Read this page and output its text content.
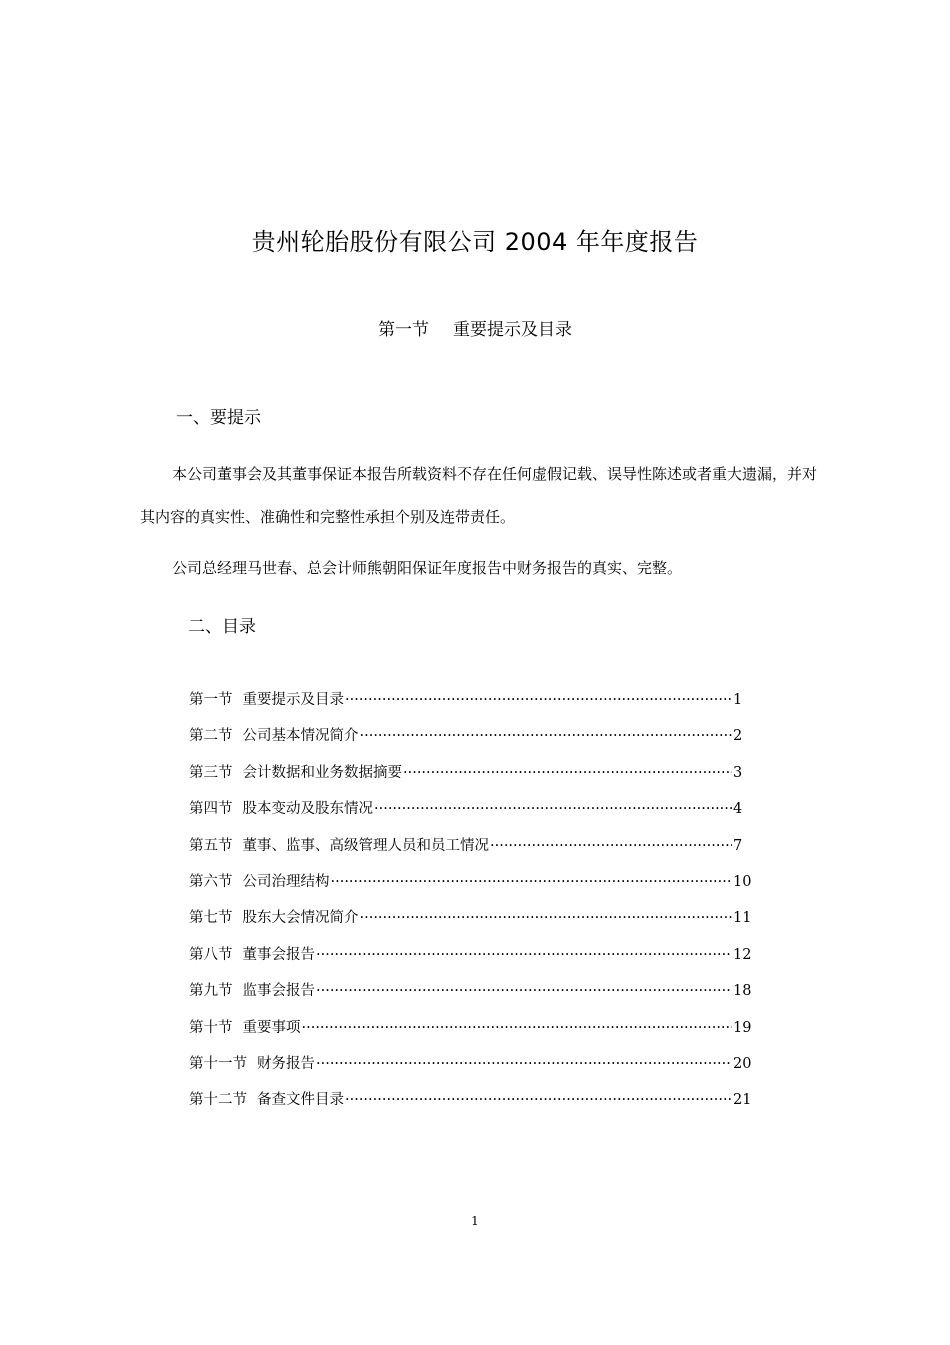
贵州轮胎股份有限公司 2004 年年度报告
第一节 重要提示及目录
一、要提示

本公司董事会及其董事保证本报告所载资料不存在任何虚假记载、误导性陈述或者重大遗漏，并对其内容的真实性、准确性和完整性承担个别及连带责任。

公司总经理马世春、总会计师熊朝阳保证年度报告中财务报告的真实、完整。

二、目录
第一节 重要提示及目录 ·····	1
第二节 公司基本情况简介 ·····	2
第三节 会计数据和业务数据摘要 ·····	3
第四节 股本变动及股东情况 ·····	4
第五节 董事、监事、高级管理人员和员工情况 ·····	7
第六节 公司治理结构 ·····	10
第七节 股东大会情况简介 ·····	11
第八节 董事会报告 ·····	12
第九节 监事会报告 ·····	18
第十节 重要事项 ·····	19
第十一节 财务报告 ·····	20
第十二节 备查文件目录 ·····	21
1
